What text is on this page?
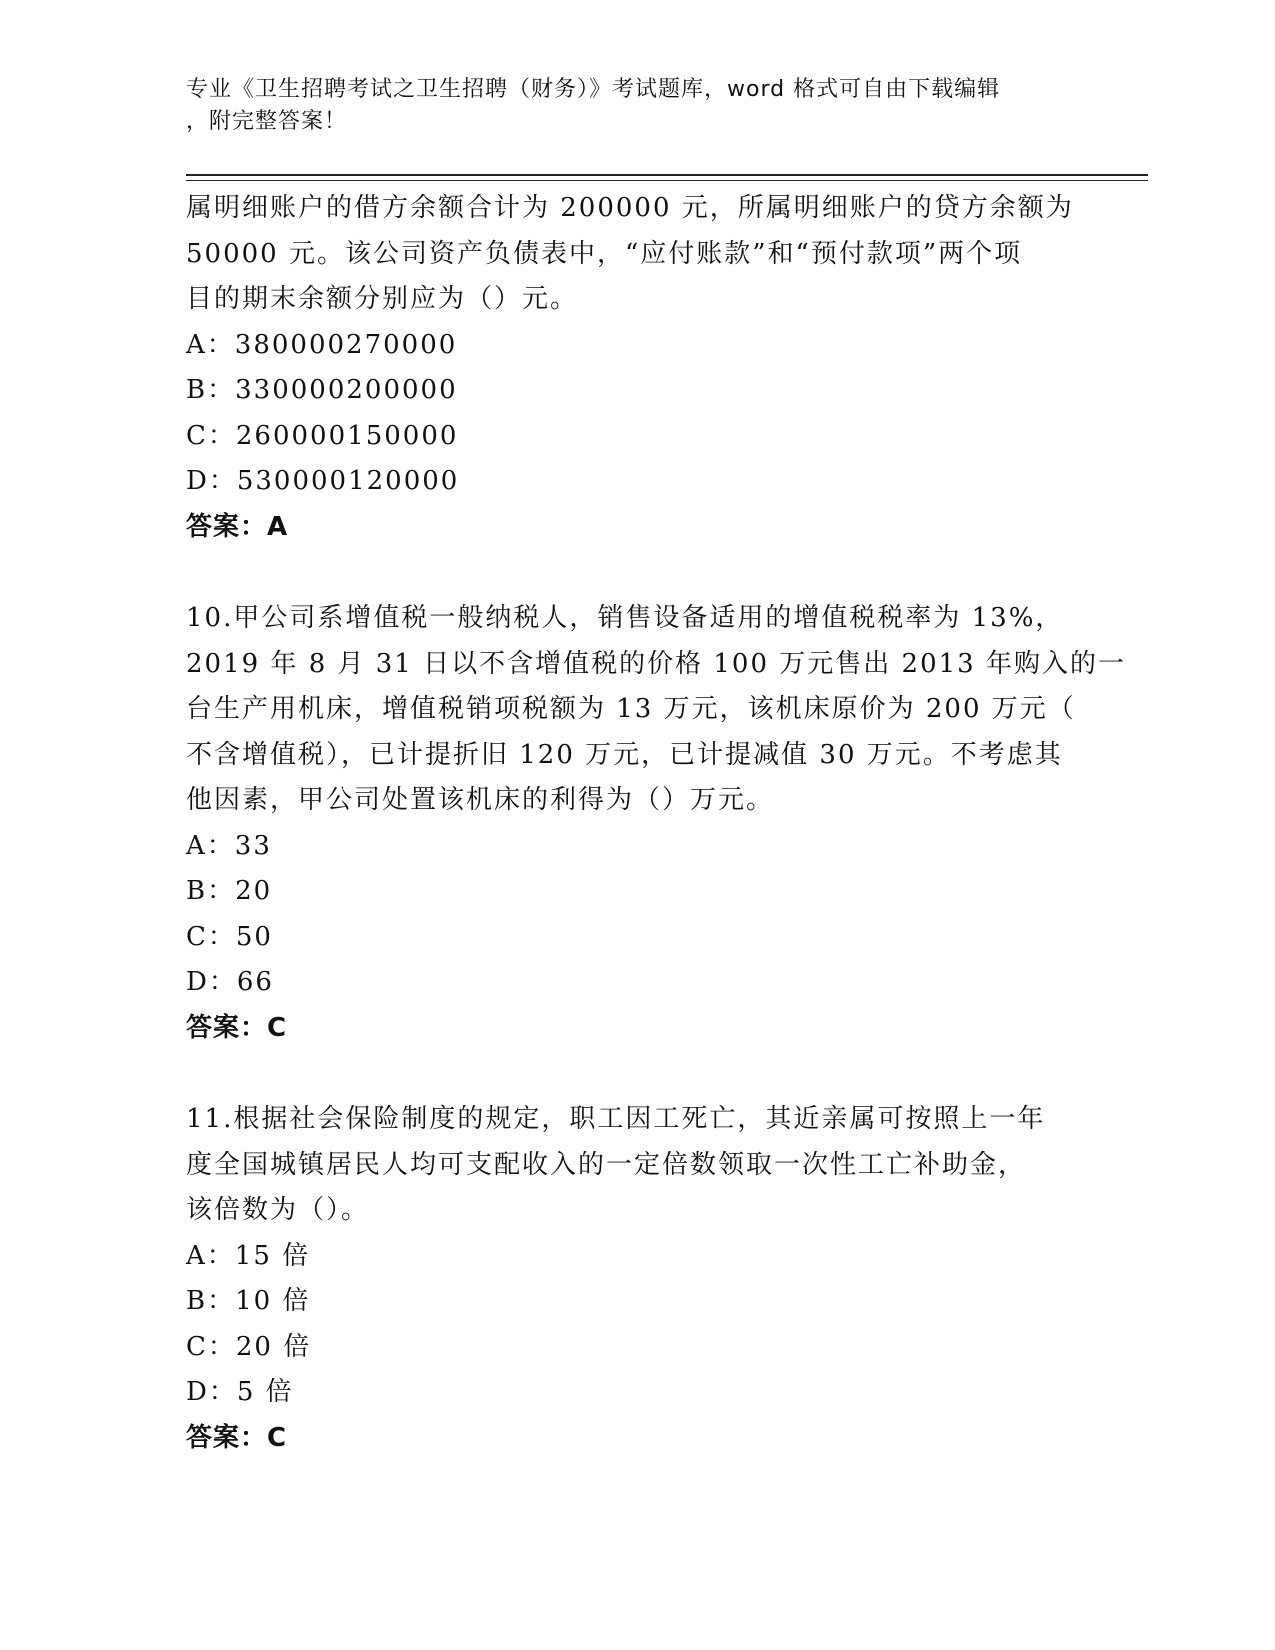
专业《卫生招聘考试之卫生招聘（财务）》考试题库，word 格式可自由下载编辑
，附完整答案！
属明细账户的借方余额合计为 200000 元，所属明细账户的贷方余额为
50000 元。该公司资产负债表中，“应付账款”和“预付款项”两个项
目的期末余额分别应为（）元。
A：380000270000
B：330000200000
C：260000150000
D：530000120000
答案：A
10.甲公司系增值税一般纳税人，销售设备适用的增值税税率为 13%，
2019 年 8 月 31 日以不含增值税的价格 100 万元售出 2013 年购入的一
台生产用机床，增值税销项税额为 13 万元，该机床原价为 200 万元（
不含增值税），已计提折旧 120 万元，已计提减值 30 万元。不考虑其
他因素，甲公司处置该机床的利得为（）万元。
A：33
B：20
C：50
D：66
答案：C
11.根据社会保险制度的规定，职工因工死亡，其近亲属可按照上一年
度全国城镇居民人均可支配收入的一定倍数领取一次性工亡补助金，
该倍数为（）。
A：15 倍
B：10 倍
C：20 倍
D：5 倍
答案：C
